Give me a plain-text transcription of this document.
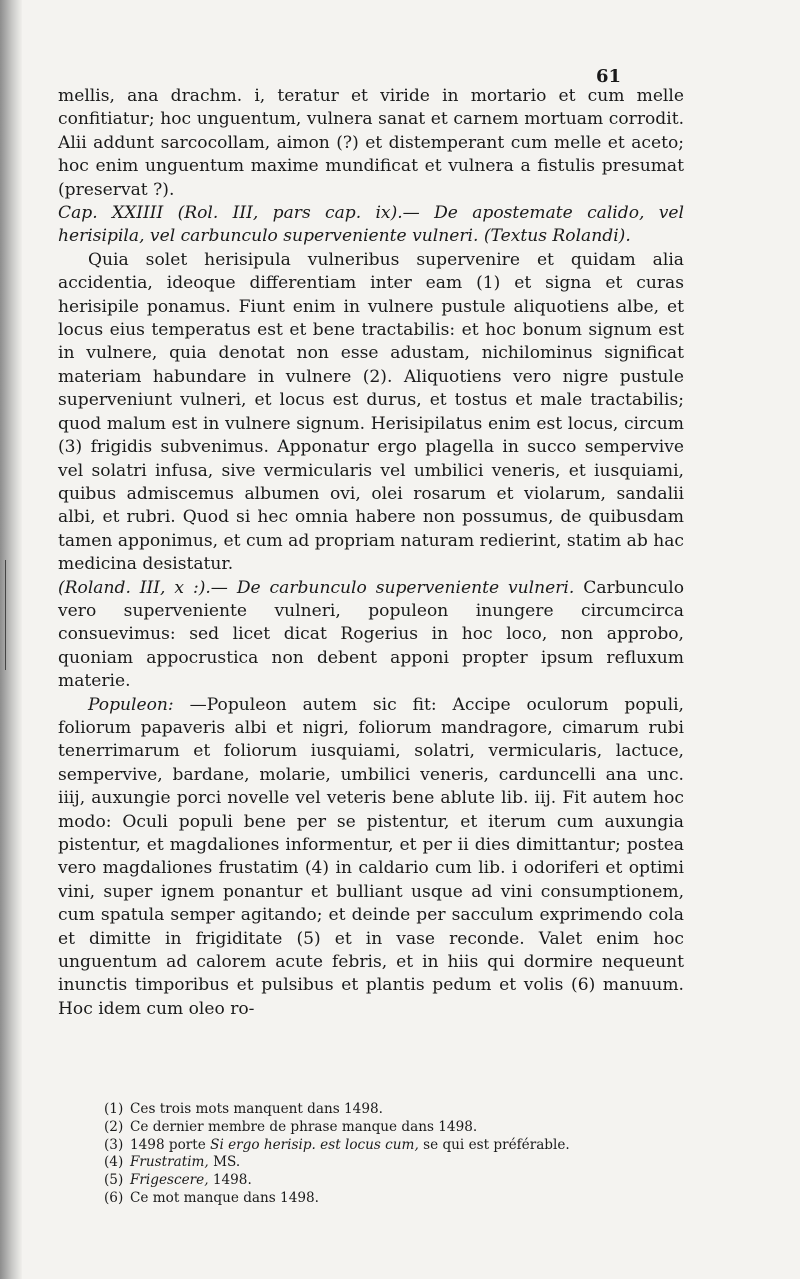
61

mellis, ana drachm. i, teratur et viride in mortario et cum melle confitiatur; hoc unguentum, vulnera sanat et carnem mortuam corrodit. Alii addunt sarcocollam, aimon (?) et distemperant cum melle et aceto; hoc enim unguentum maxime mundificat et vulnera a fistulis presumat (preservat ?).

Cap. XXIIII (Rol. III, pars cap. ix).— De apostemate calido, vel herisipila, vel carbunculo superveniente vulneri. (Textus Rolandi).

Quia solet herisipula vulneribus supervenire et quidam alia accidentia, ideoque differentiam inter eam (1) et signa et curas herisipile ponamus. Fiunt enim in vulnere pustule aliquotiens albe, et locus eius temperatus est et bene tractabilis: et hoc bonum signum est in vulnere, quia denotat non esse adustam, nichilominus significat materiam habundare in vulnere (2). Aliquotiens vero nigre pustule superveniunt vulneri, et locus est durus, et tostus et male tractabilis; quod malum est in vulnere signum. Herisipilatus enim est locus, circum (3) frigidis subvenimus. Apponatur ergo plagella in succo sempervive vel solatri infusa, sive vermicularis vel umbilici veneris, et iusquiami, quibus admiscemus albumen ovi, olei rosarum et violarum, sandalii albi, et rubri. Quod si hec omnia habere non possumus, de quibusdam tamen apponimus, et cum ad propriam naturam redierint, statim ab hac medicina desistatur.

(Roland. III, x :).— De carbunculo superveniente vulneri. Carbunculo vero superveniente vulneri, populeon inungere circumcirca consuevimus: sed licet dicat Rogerius in hoc loco, non approbo, quoniam appocrustica non debent apponi propter ipsum refluxum materie.

Populeon: —Populeon autem sic fit: Accipe oculorum populi, foliorum papaveris albi et nigri, foliorum mandragore, cimarum rubi tenerrimarum et foliorum iusquiami, solatri, vermicularis, lactuce, sempervive, bardane, molarie, umbilici veneris, carduncelli ana unc. iiij, auxungie porci novelle vel veteris bene ablute lib. iij. Fit autem hoc modo: Oculi populi bene per se pistentur, et iterum cum auxungia pistentur, et magdaliones informentur, et per ii dies dimittantur; postea vero magdaliones frustatim (4) in caldario cum lib. i odoriferi et optimi vini, super ignem ponantur et bulliant usque ad vini consumptionem, cum spatula semper agitando; et deinde per sacculum exprimendo cola et dimitte in frigiditate (5) et in vase reconde. Valet enim hoc unguentum ad calorem acute febris, et in hiis qui dormire nequeunt inunctis timporibus et pulsibus et plantis pedum et volis (6) manuum. Hoc idem cum oleo ro-

(1) Ces trois mots manquent dans 1498.
(2) Ce dernier membre de phrase manque dans 1498.
(3) 1498 porte Si ergo herisip. est locus cum, se qui est préférable.
(4) Frustratim, MS.
(5) Frigescere, 1498.
(6) Ce mot manque dans 1498.
